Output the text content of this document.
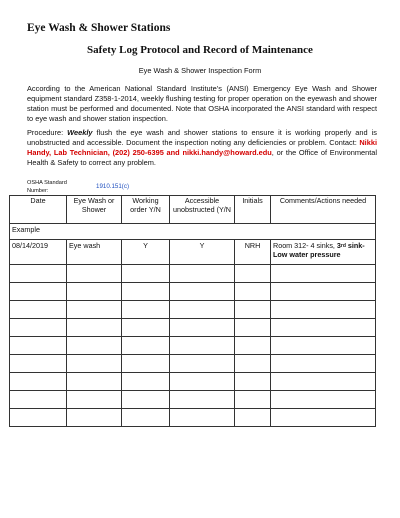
Eye Wash & Shower Stations
Safety Log Protocol and Record of Maintenance
Eye Wash & Shower Inspection Form
According to the American National Standard Institute’s (ANSI) Emergency Eye Wash and Shower equipment standard Z358-1-2014, weekly flushing testing for proper operation on the eyewash and shower station must be performed and documented. Note that OSHA incorporated the ANSI standard with respect to eye wash and shower station inspection.
Procedure: Weekly flush the eye wash and shower stations to ensure it is working properly and is unobstructed and accessible. Document the inspection noting any deficiencies or problem. Contact: Nikki Handy, Lab Technician, (202) 250-6395 and nikki.handy@howard.edu, or the Office of Environmental Health & Safety to correct any problem.
OSHA Standard Number:
1910.151(c)
Date	Eye Wash or Shower	Working order Y/N	Accessible unobstructed (Y/N	Initials	Comments/Actions needed
Example					
08/14/2019	Eye wash	Y	Y	NRH	Room 312- 4 sinks, 3rd sink-
Low water pressure
